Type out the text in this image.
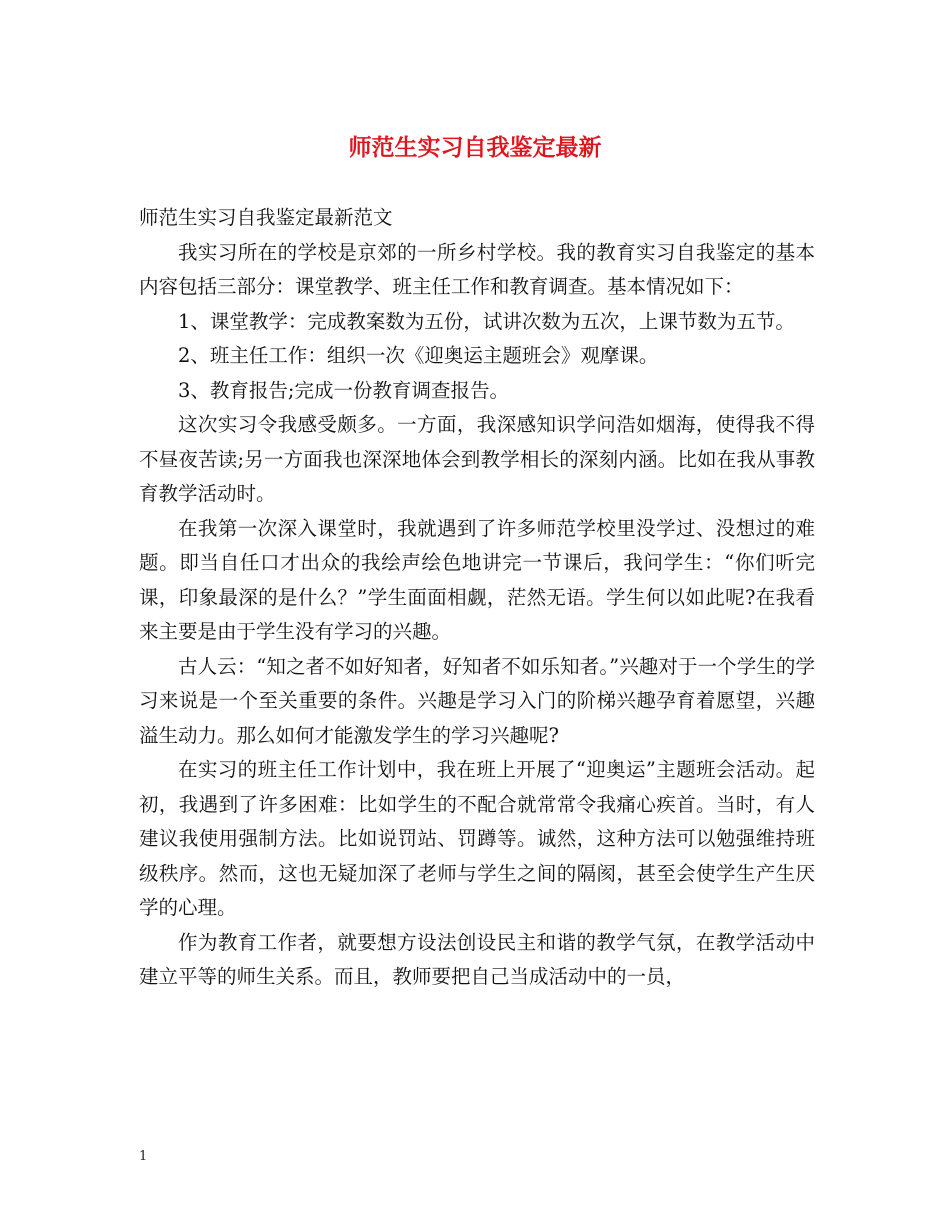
师范生实习自我鉴定最新

师范生实习自我鉴定最新范文

我实习所在的学校是京郊的一所乡村学校。我的教育实习自我鉴定的基本内容包括三部分：课堂教学、班主任工作和教育调查。基本情况如下：

1、课堂教学：完成教案数为五份，试讲次数为五次，上课节数为五节。

2、班主任工作：组织一次《迎奥运主题班会》观摩课。

3、教育报告;完成一份教育调查报告。

这次实习令我感受颇多。一方面，我深感知识学问浩如烟海，使得我不得不昼夜苦读;另一方面我也深深地体会到教学相长的深刻内涵。比如在我从事教育教学活动时。

在我第一次深入课堂时，我就遇到了许多师范学校里没学过、没想过的难题。即当自任口才出众的我绘声绘色地讲完一节课后，我问学生：“你们听完课，印象最深的是什么？”学生面面相觑，茫然无语。学生何以如此呢?在我看来主要是由于学生没有学习的兴趣。

古人云：“知之者不如好知者，好知者不如乐知者。”兴趣对于一个学生的学习来说是一个至关重要的条件。兴趣是学习入门的阶梯兴趣孕育着愿望，兴趣溢生动力。那么如何才能激发学生的学习兴趣呢?

在实习的班主任工作计划中，我在班上开展了“迎奥运”主题班会活动。起初，我遇到了许多困难：比如学生的不配合就常常令我痛心疾首。当时，有人建议我使用强制方法。比如说罚站、罚蹲等。诚然，这种方法可以勉强维持班级秩序。然而，这也无疑加深了老师与学生之间的隔阂，甚至会使学生产生厌学的心理。

作为教育工作者，就要想方设法创设民主和谐的教学气氛，在教学活动中建立平等的师生关系。而且，教师要把自己当成活动中的一员，

1
